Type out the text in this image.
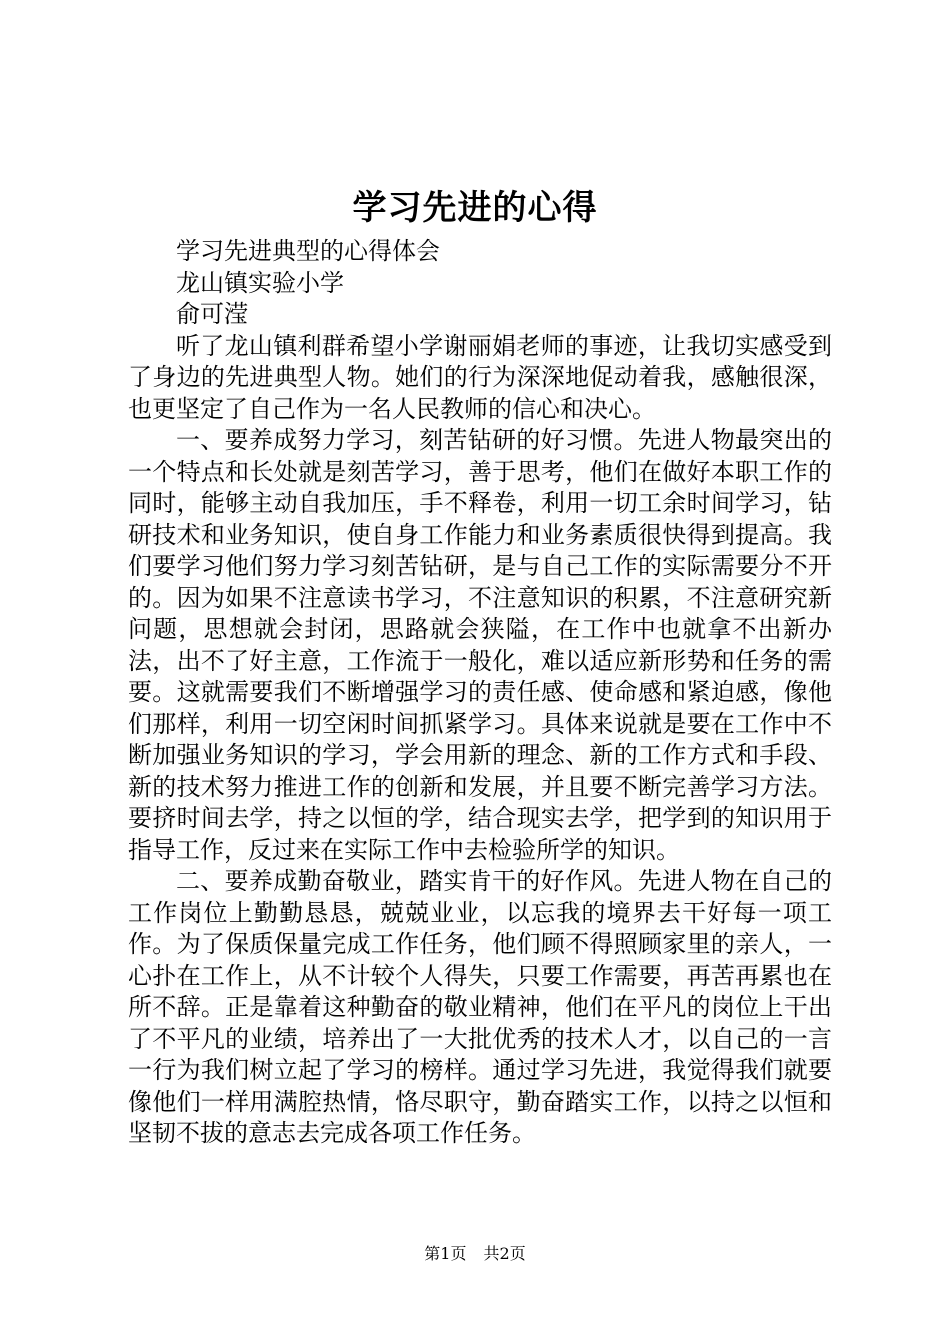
学习先进的心得

学习先进典型的心得体会

龙山镇实验小学

俞可滢

听了龙山镇利群希望小学谢丽娟老师的事迹，让我切实感受到了身边的先进典型人物。她们的行为深深地促动着我，感触很深，也更坚定了自己作为一名人民教师的信心和决心。

一、要养成努力学习，刻苦钻研的好习惯。先进人物最突出的一个特点和长处就是刻苦学习，善于思考，他们在做好本职工作的同时，能够主动自我加压，手不释卷，利用一切工余时间学习，钻研技术和业务知识，使自身工作能力和业务素质很快得到提高。我们要学习他们努力学习刻苦钻研，是与自己工作的实际需要分不开的。因为如果不注意读书学习，不注意知识的积累，不注意研究新问题，思想就会封闭，思路就会狭隘，在工作中也就拿不出新办法，出不了好主意，工作流于一般化，难以适应新形势和任务的需要。这就需要我们不断增强学习的责任感、使命感和紧迫感，像他们那样，利用一切空闲时间抓紧学习。具体来说就是要在工作中不断加强业务知识的学习，学会用新的理念、新的工作方式和手段、新的技术努力推进工作的创新和发展，并且要不断完善学习方法。要挤时间去学，持之以恒的学，结合现实去学，把学到的知识用于指导工作，反过来在实际工作中去检验所学的知识。

二、要养成勤奋敬业，踏实肯干的好作风。先进人物在自己的工作岗位上勤勤恳恳，兢兢业业，以忘我的境界去干好每一项工作。为了保质保量完成工作任务，他们顾不得照顾家里的亲人，一心扑在工作上，从不计较个人得失，只要工作需要，再苦再累也在所不辞。正是靠着这种勤奋的敬业精神，他们在平凡的岗位上干出了不平凡的业绩，培养出了一大批优秀的技术人才，以自己的一言一行为我们树立起了学习的榜样。通过学习先进，我觉得我们就要像他们一样用满腔热情，恪尽职守，勤奋踏实工作，以持之以恒和坚韧不拔的意志去完成各项工作任务。

第1页 共2页
